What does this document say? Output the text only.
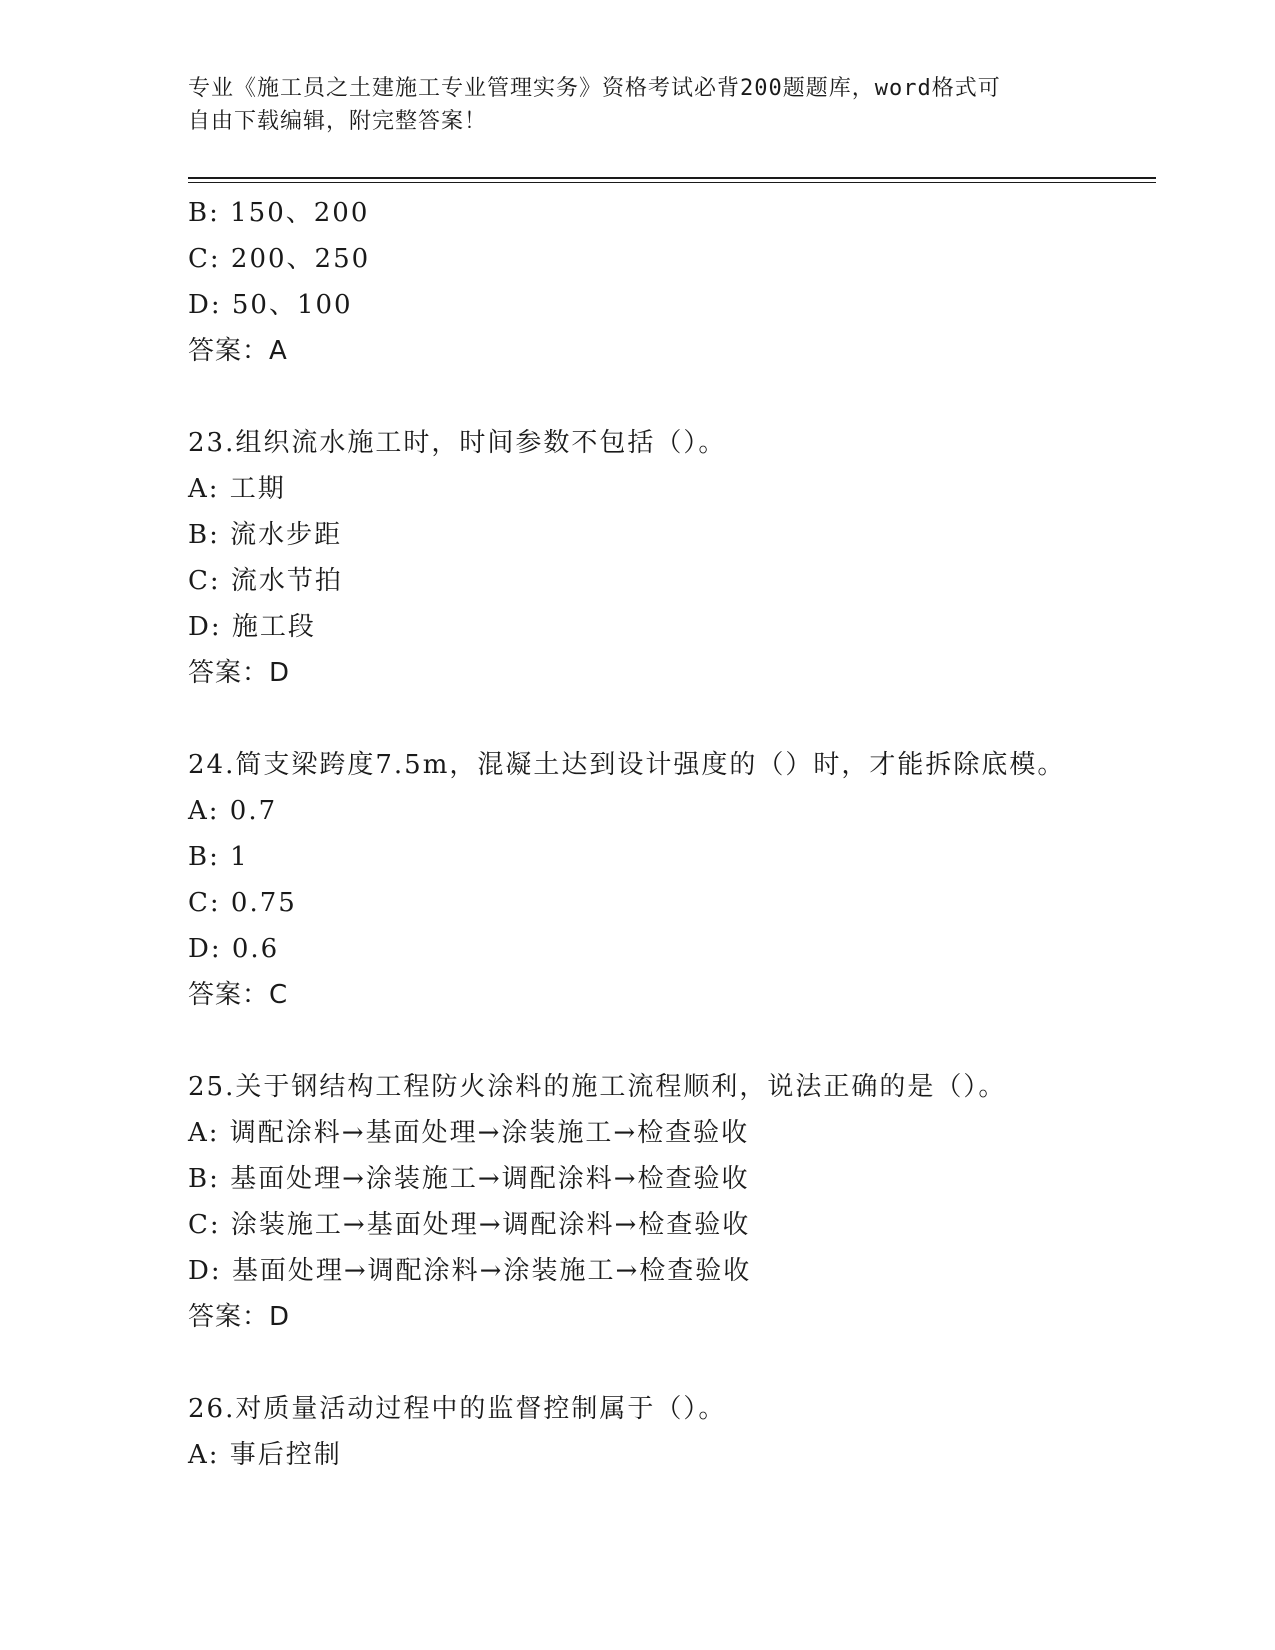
专业《施工员之土建施工专业管理实务》资格考试必背200题题库，word格式可
自由下载编辑，附完整答案！
B: 150、200
C: 200、250
D: 50、100
答案：A
23.组织流水施工时，时间参数不包括（）。
A: 工期
B: 流水步距
C: 流水节拍
D: 施工段
答案：D
24.简支梁跨度7.5m，混凝土达到设计强度的（）时，才能拆除底模。
A: 0.7
B: 1
C: 0.75
D: 0.6
答案：C
25.关于钢结构工程防火涂料的施工流程顺利，说法正确的是（）。
A: 调配涂料→基面处理→涂装施工→检查验收
B: 基面处理→涂装施工→调配涂料→检查验收
C: 涂装施工→基面处理→调配涂料→检查验收
D: 基面处理→调配涂料→涂装施工→检查验收
答案：D
26.对质量活动过程中的监督控制属于（）。
A: 事后控制
